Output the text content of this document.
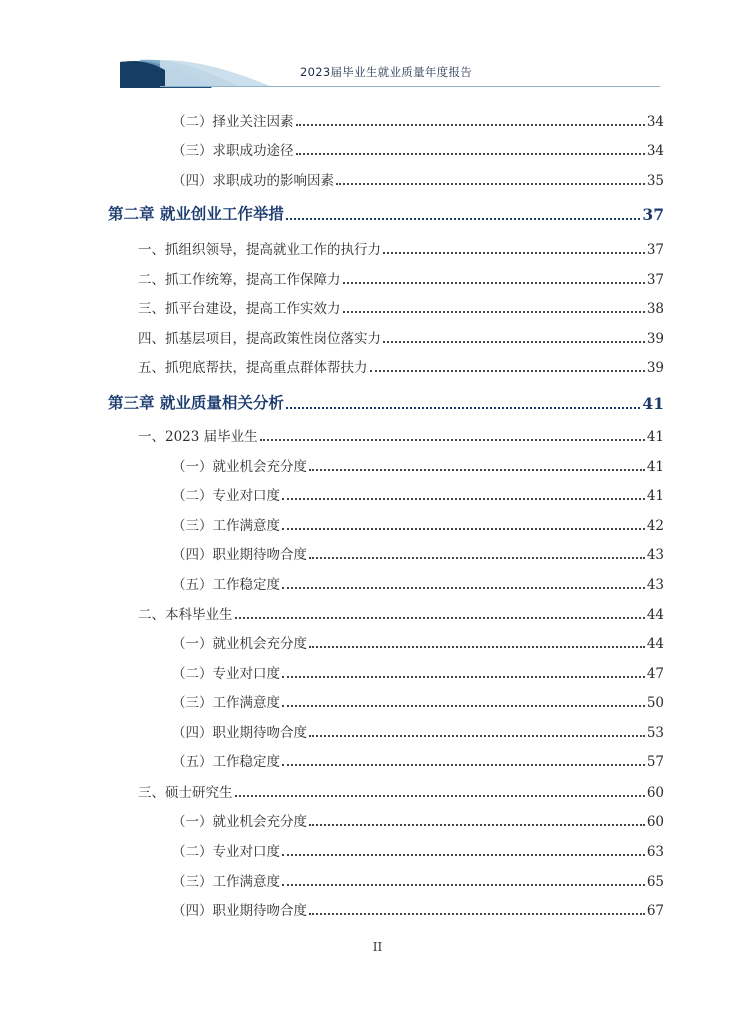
2023届毕业生就业质量年度报告
（二）择业关注因素	34
（三）求职成功途径	34
（四）求职成功的影响因素	35
第二章 就业创业工作举措	37
一、抓组织领导，提高就业工作的执行力	37
二、抓工作统筹，提高工作保障力	37
三、抓平台建设，提高工作实效力	38
四、抓基层项目，提高政策性岗位落实力	39
五、抓兜底帮扶，提高重点群体帮扶力	39
第三章 就业质量相关分析	41
一、2023 届毕业生	41
（一）就业机会充分度	41
（二）专业对口度	41
（三）工作满意度	42
（四）职业期待吻合度	43
（五）工作稳定度	43
二、本科毕业生	44
（一）就业机会充分度	44
（二）专业对口度	47
（三）工作满意度	50
（四）职业期待吻合度	53
（五）工作稳定度	57
三、硕士研究生	60
（一）就业机会充分度	60
（二）专业对口度	63
（三）工作满意度	65
（四）职业期待吻合度	67
II
